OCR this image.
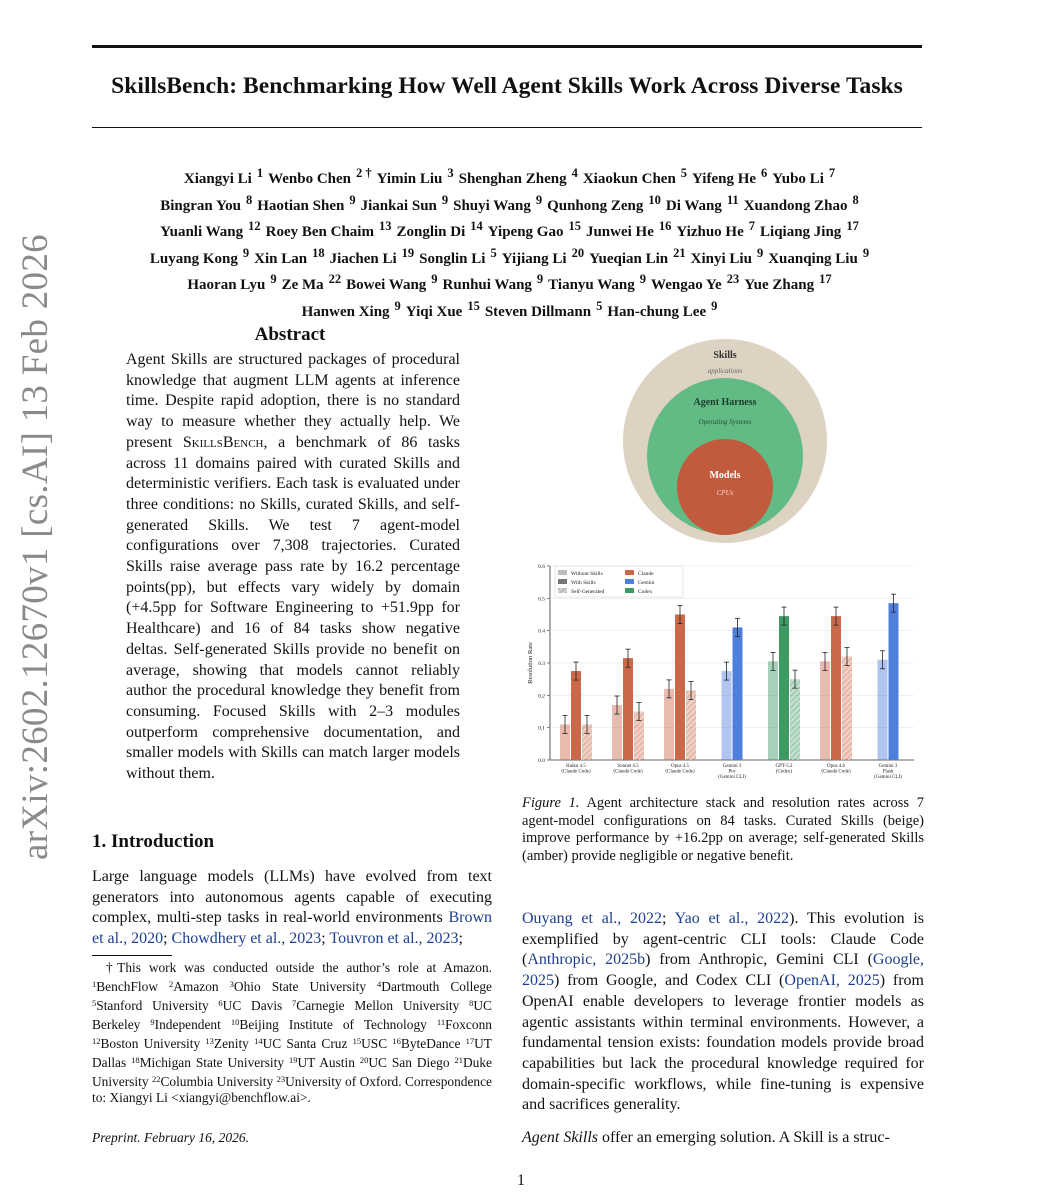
arXiv:2602.12670v1 [cs.AI] 13 Feb 2026
SkillsBench: Benchmarking How Well Agent Skills Work Across Diverse Tasks
Xiangyi Li $^1$ Wenbo Chen $^{2 \dagger}$ Yimin Liu $^3$ Shenghan Zheng $^4$ Xiaokun Chen $^5$ Yifeng He $^6$ Yubo Li $^7$
Bingran You $^8$ Haotian Shen $^9$ Jiankai Sun $^9$ Shuyi Wang $^9$ Qunhong Zeng $^{10}$ Di Wang $^{11}$ Xuandong Zhao $^8$
Yuanli Wang $^{12}$ Roey Ben Chaim $^{13}$ Zonglin Di $^{14}$ Yipeng Gao $^{15}$ Junwei He $^{16}$ Yizhuo He $^7$ Liqiang Jing $^{17}$
Luyang Kong $^9$ Xin Lan $^{18}$ Jiachen Li $^{19}$ Songlin Li $^5$ Yijiang Li $^{20}$ Yueqian Lin $^{21}$ Xinyi Liu $^9$ Xuanqing Liu $^9$
Haoran Lyu $^9$ Ze Ma $^{22}$ Bowei Wang $^9$ Runhui Wang $^9$ Tianyu Wang $^9$ Wengao Ye $^{23}$ Yue Zhang $^{17}$
Hanwen Xing $^9$ Yiqi Xue $^{15}$ Steven Dillmann $^5$ Han-chung Lee $^9$
Abstract

Agent Skills are structured packages of procedural knowledge that augment LLM agents at inference time. Despite rapid adoption, there is no standard way to measure whether they actually help. We present SkillsBench, a benchmark of 86 tasks across 11 domains paired with curated Skills and deterministic verifiers. Each task is evaluated under three conditions: no Skills, curated Skills, and self-generated Skills. We test 7 agent-model configurations over 7,308 trajectories. Curated Skills raise average pass rate by 16.2 percentage points(pp), but effects vary widely by domain (+4.5pp for Software Engineering to +51.9pp for Healthcare) and 16 of 84 tasks show negative deltas. Self-generated Skills provide no benefit on average, showing that models cannot reliably author the procedural knowledge they benefit from consuming. Focused Skills with 2–3 modules outperform comprehensive documentation, and smaller models with Skills can match larger models without them.

1. Introduction
Large language models (LLMs) have evolved from text generators into autonomous agents capable of executing complex, multi-step tasks in real-world environments Brown et al., 2020; Chowdhery et al., 2023; Touvron et al., 2023;
†This work was conducted outside the author’s role at Amazon. $^1$BenchFlow $^2$Amazon $^3$Ohio State University $^4$Dartmouth College $^5$Stanford University $^6$UC Davis $^7$Carnegie Mellon University $^8$UC Berkeley $^9$Independent $^{10}$Beijing Institute of Technology $^{11}$Foxconn $^{12}$Boston University $^{13}$Zenity $^{14}$UC Santa Cruz $^{15}$USC $^{16}$ByteDance $^{17}$UT Dallas $^{18}$Michigan State University $^{19}$UT Austin $^{20}$UC San Diego $^{21}$Duke University $^{22}$Columbia University $^{23}$University of Oxford. Correspondence to: Xiangyi Li <xiangyi@benchflow.ai>.
Preprint. February 16, 2026.
Skills
applications
Agent Harness
Operating Systems
Models
CPUs
0.0
0.1
0.2
0.3
0.4
0.5
0.6
Resolution Rate
Haiku 4.5
(Claude Code)
Sonnet 4.5
(Claude Code)
Opus 4.5
(Claude Code)
Gemini 3
Pro
(Gemini CLI)
GPT-5.2
(Codex)
Opus 4.6
(Claude Code)
Gemini 3
Flash
(Gemini CLI)
Without Skills
With Skills
Self-Generated
Claude
Gemini
Codex
Figure 1. Agent architecture stack and resolution rates across 7 agent-model configurations on 84 tasks. Curated Skills (beige) improve performance by +16.2pp on average; self-generated Skills (amber) provide negligible or negative benefit.
Ouyang et al., 2022; Yao et al., 2022). This evolution is exemplified by agent-centric CLI tools: Claude Code (Anthropic, 2025b) from Anthropic, Gemini CLI (Google, 2025) from Google, and Codex CLI (OpenAI, 2025) from OpenAI enable developers to leverage frontier models as agentic assistants within terminal environments. However, a fundamental tension exists: foundation models provide broad capabilities but lack the procedural knowledge required for domain-specific workflows, while fine-tuning is expensive and sacrifices generality.
Agent Skills offer an emerging solution. A Skill is a struc-
1
